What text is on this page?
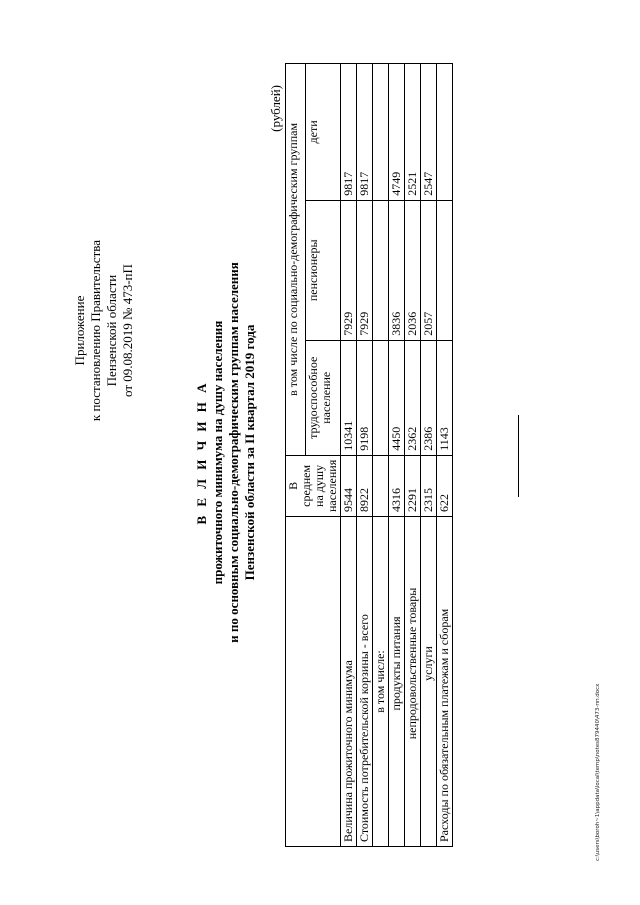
Приложение к постановлению Правительства Пензенской области от 09.08.2019 № 473-пП
В Е Л И Ч И Н А прожиточного минимума на душу населения и по основным социально-демографическим группам населения Пензенской области за II квартал 2019 года
(рублей)
	В среднем на душу населения	в том числе по социально-демографическим группам		
		трудоспособное население	пенсионеры	дети
Величина прожиточного минимума	9544	10341	7929	9817
Стоимость потребительской корзины - всего	8922	9198	7929	9817
в том числе:				
продукты питания	4316	4450	3836	4749
непродовольственные товары	2291	2362	2036	2521
услуги	2315	2386	2057	2547
Расходы по обязательным платежам и сборам	622	1143		
c:\users\boroh~1\appdata\local\temp\notes879440\473-пп.docx
